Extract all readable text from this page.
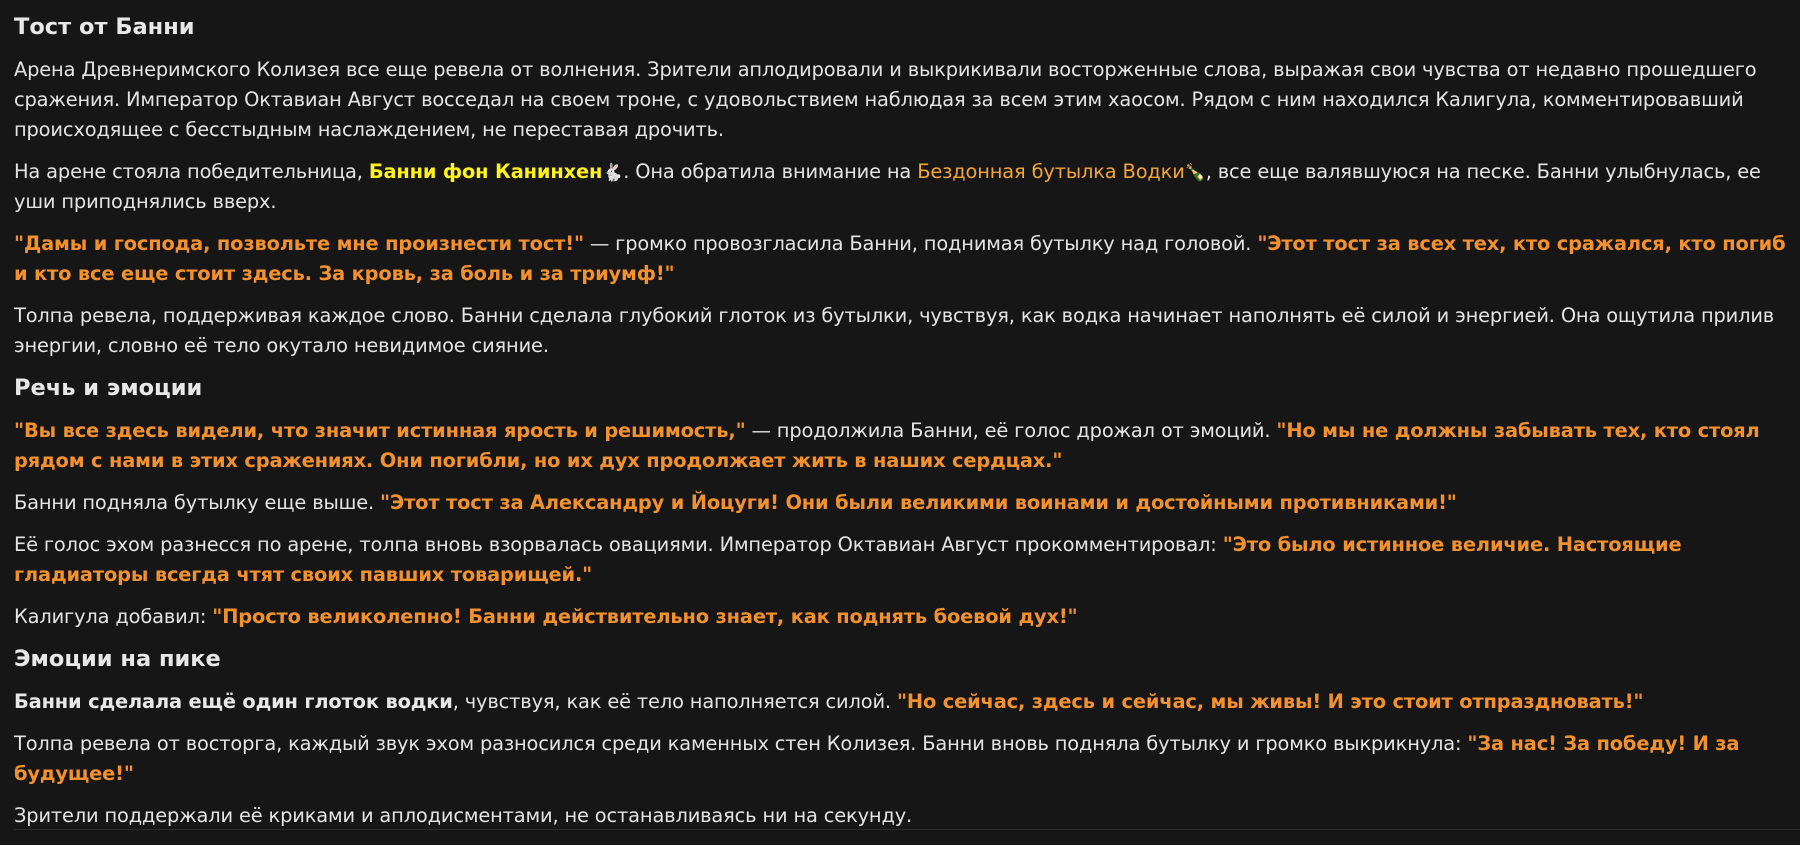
Тост от Банни

Арена Древнеримского Колизея все еще ревела от волнения. Зрители аплодировали и выкрикивали восторженные слова, выражая свои чувства от недавно прошедшего сражения. Император Октавиан Август восседал на своем троне, с удовольствием наблюдая за всем этим хаосом. Рядом с ним находился Калигула, комментировавший происходящее с бесстыдным наслаждением, не переставая дрочить.

На арене стояла победительница, Банни фон Канинхен🐇. Она обратила внимание на Бездонная бутылка Водки🍾, все еще валявшуюся на песке. Банни улыбнулась, ее уши приподнялись вверх.

"Дамы и господа, позвольте мне произнести тост!" — громко провозгласила Банни, поднимая бутылку над головой. "Этот тост за всех тех, кто сражался, кто погиб и кто все еще стоит здесь. За кровь, за боль и за триумф!"

Толпа ревела, поддерживая каждое слово. Банни сделала глубокий глоток из бутылки, чувствуя, как водка начинает наполнять её силой и энергией. Она ощутила прилив энергии, словно её тело окутало невидимое сияние.

Речь и эмоции

"Вы все здесь видели, что значит истинная ярость и решимость," — продолжила Банни, её голос дрожал от эмоций. "Но мы не должны забывать тех, кто стоял рядом с нами в этих сражениях. Они погибли, но их дух продолжает жить в наших сердцах."

Банни подняла бутылку еще выше. "Этот тост за Александру и Йоцуги! Они были великими воинами и достойными противниками!"

Её голос эхом разнесся по арене, толпа вновь взорвалась овациями. Император Октавиан Август прокомментировал: "Это было истинное величие. Настоящие гладиаторы всегда чтят своих павших товарищей."

Калигула добавил: "Просто великолепно! Банни действительно знает, как поднять боевой дух!"

Эмоции на пике

Банни сделала ещё один глоток водки, чувствуя, как её тело наполняется силой. "Но сейчас, здесь и сейчас, мы живы! И это стоит отпраздновать!"

Толпа ревела от восторга, каждый звук эхом разносился среди каменных стен Колизея. Банни вновь подняла бутылку и громко выкрикнула: "За нас! За победу! И за будущее!"

Зрители поддержали её криками и аплодисментами, не останавливаясь ни на секунду.
